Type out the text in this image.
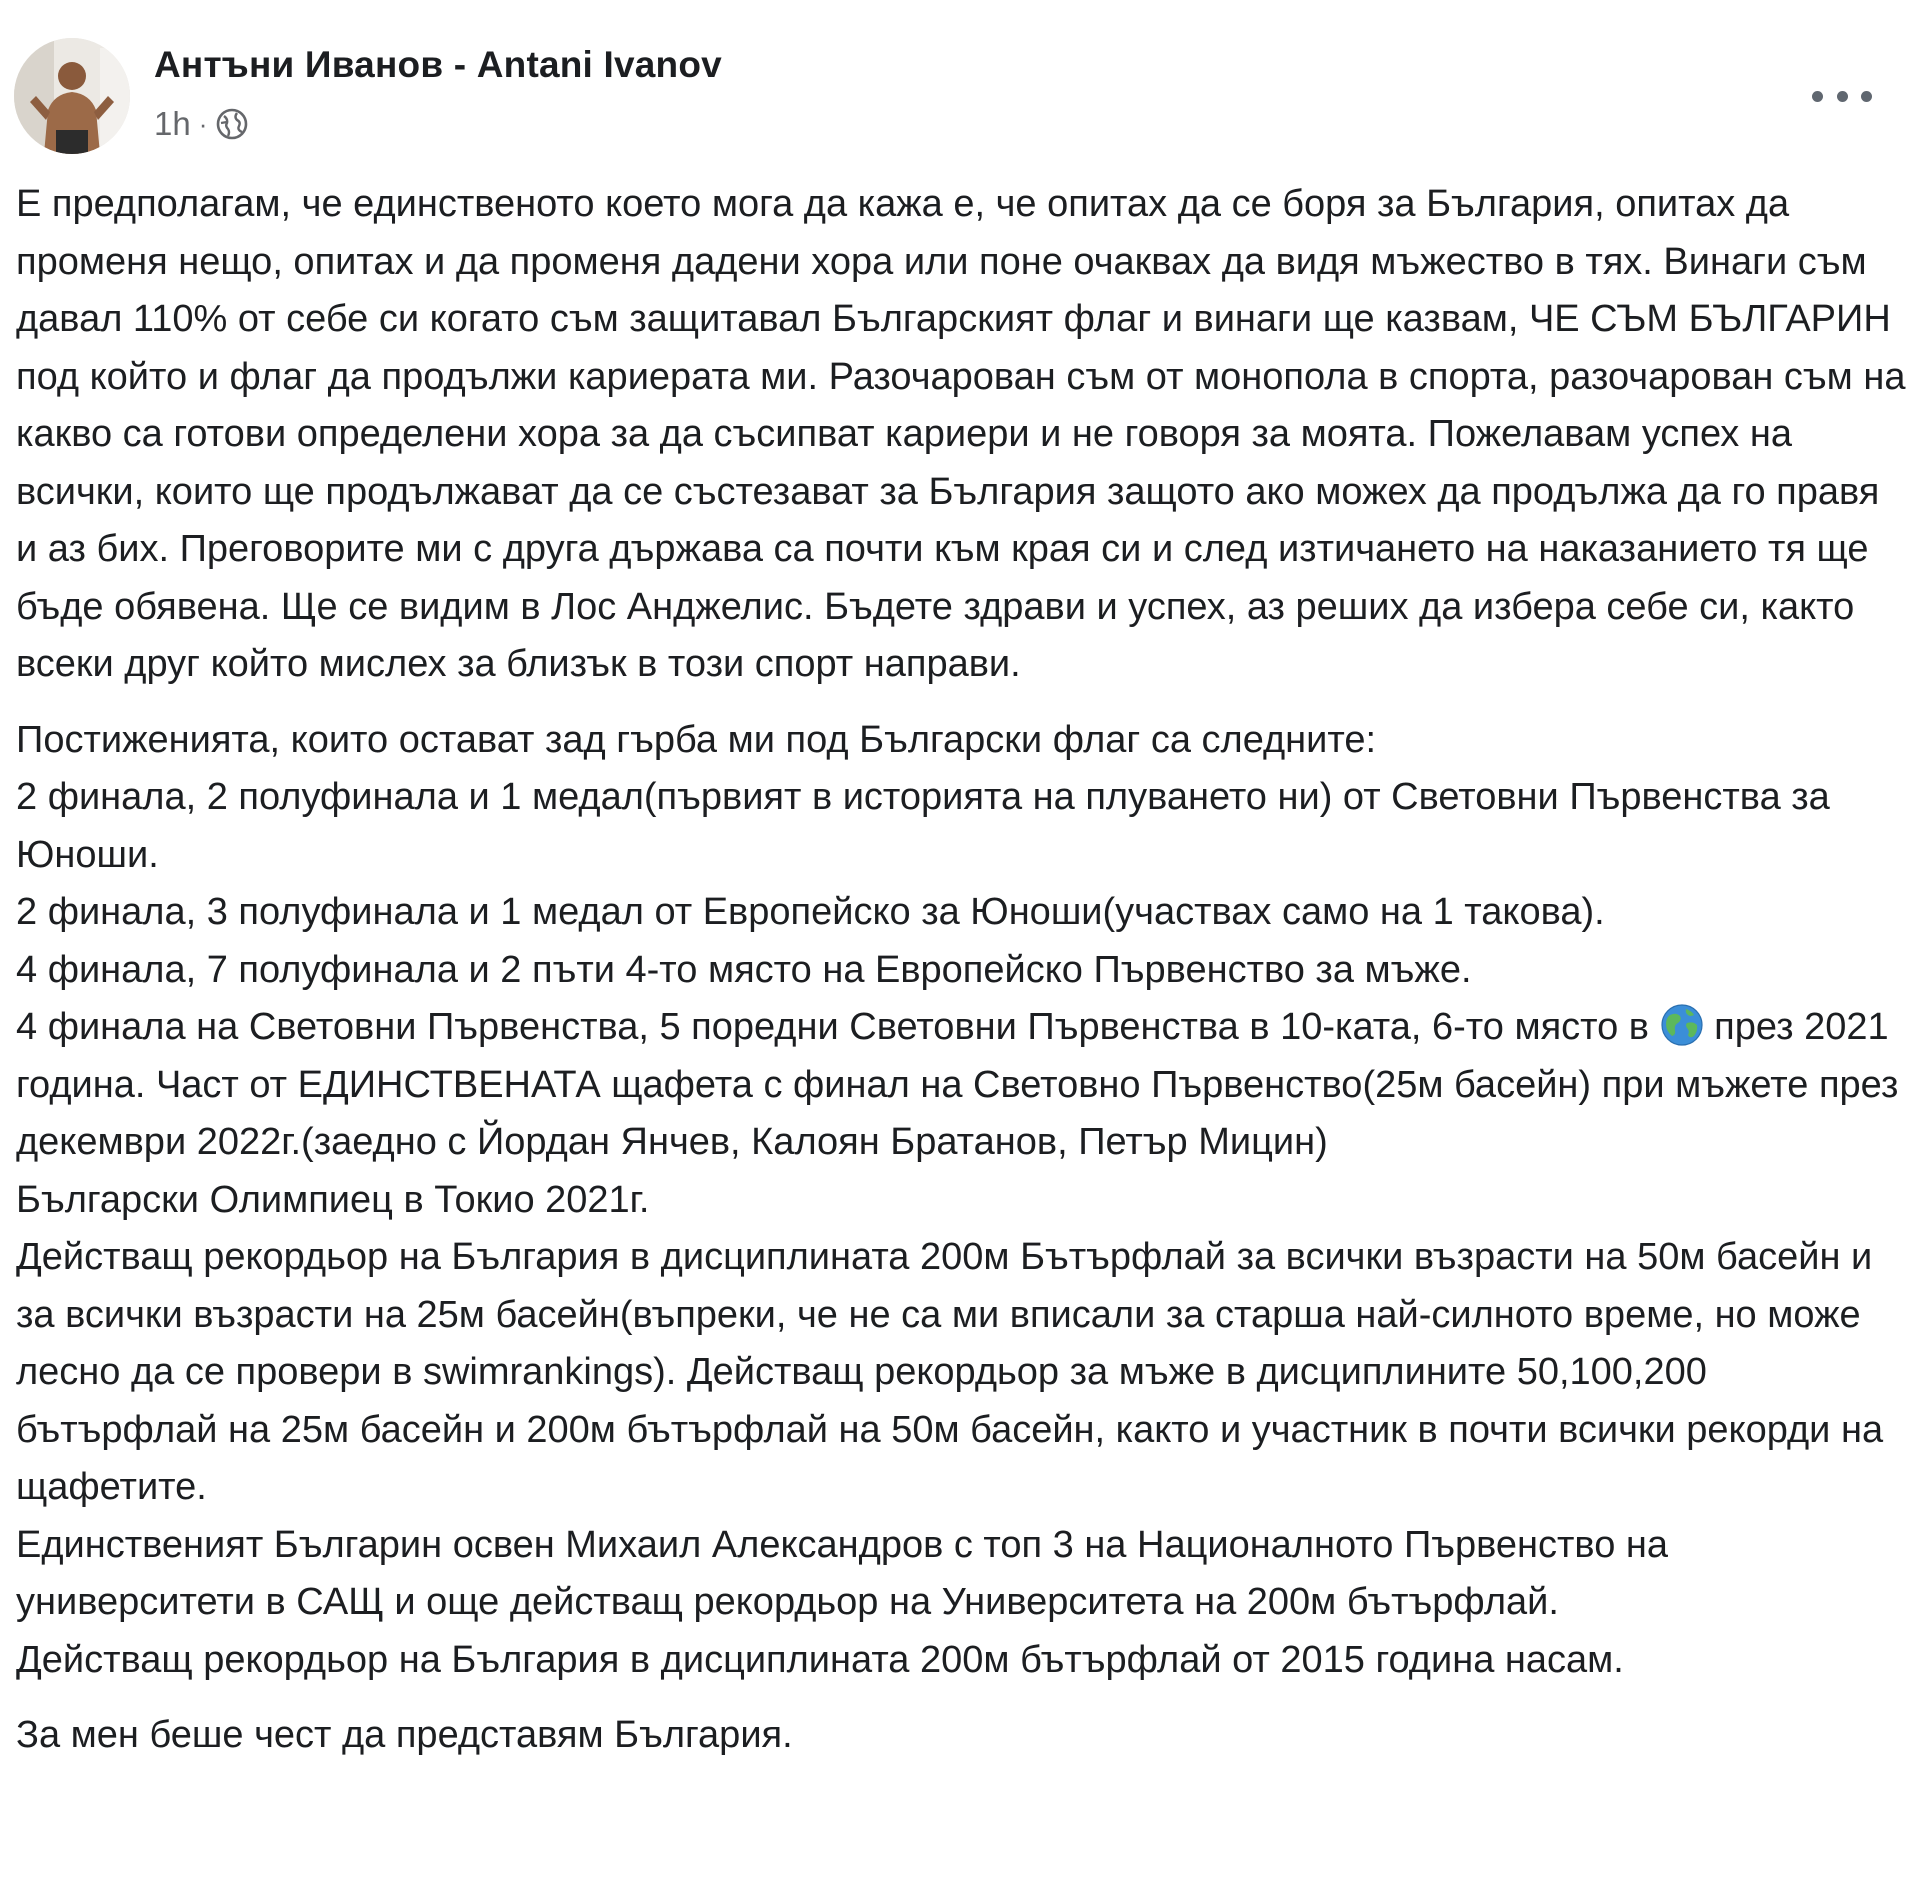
Антъни Иванов - Antani Ivanov
1h ·

Е предполагам, че единственото което мога да кажа е, че опитах да се боря за България, опитах да променя нещо, опитах и да променя дадени хора или поне очаквах да видя мъжество в тях. Винаги съм давал 110% от себе си когато съм защитавал Българският флаг и винаги ще казвам, ЧЕ СЪМ БЪЛГАРИН под който и флаг да продължи кариерата ми. Разочарован съм от монопола в спорта, разочарован съм на какво са готови определени хора за да съсипват кариери и не говоря за моята. Пожелавам успех на всички, които ще продължават да се състезават за България защото ако можех да продължа да го правя и аз бих. Преговорите ми с друга държава са почти към края си и след изтичането на наказанието тя ще бъде обявена. Ще се видим в Лос Анджелис. Бъдете здрави и успех, аз реших да избера себе си, както всеки друг който мислех за близък в този спорт направи.

Постиженията, които остават зад гърба ми под Български флаг са следните:

2 финала, 2 полуфинала и 1 медал(първият в историята на плуването ни) от Световни Първенства за Юноши.

2 финала, 3 полуфинала и 1 медал от Европейско за Юноши(участвах само на 1 такова).

4 финала, 7 полуфинала и 2 пъти 4-то място на Европейско Първенство за мъже.

4 финала на Световни Първенства, 5 поредни Световни Първенства в 10-ката, 6-то място в
през 2021 година. Част от ЕДИНСТВЕНАТА щафета с финал на Световно Първенство(25м басейн) при мъжете през декември 2022г.(заедно с Йордан Янчев, Калоян Братанов, Петър Мицин)

Български Олимпиец в Токио 2021г.

Действащ рекордьор на България в дисциплината 200м Бътърфлай за всички възрасти на 50м басейн и за всички възрасти на 25м басейн(въпреки, че не са ми вписали за старша най-силното време, но може лесно да се провери в swimrankings). Действащ рекордьор за мъже в дисциплините 50,100,200 бътърфлай на 25м басейн и 200м бътърфлай на 50м басейн, както и участник в почти всички рекорди на щафетите.

Единственият Българин освен Михаил Александров с топ 3 на Националното Първенство на университети в САЩ и още действащ рекордьор на Университета на 200м бътърфлай.

Действащ рекордьор на България в дисциплината 200м бътърфлай от 2015 година насам.

За мен беше чест да представям България.
